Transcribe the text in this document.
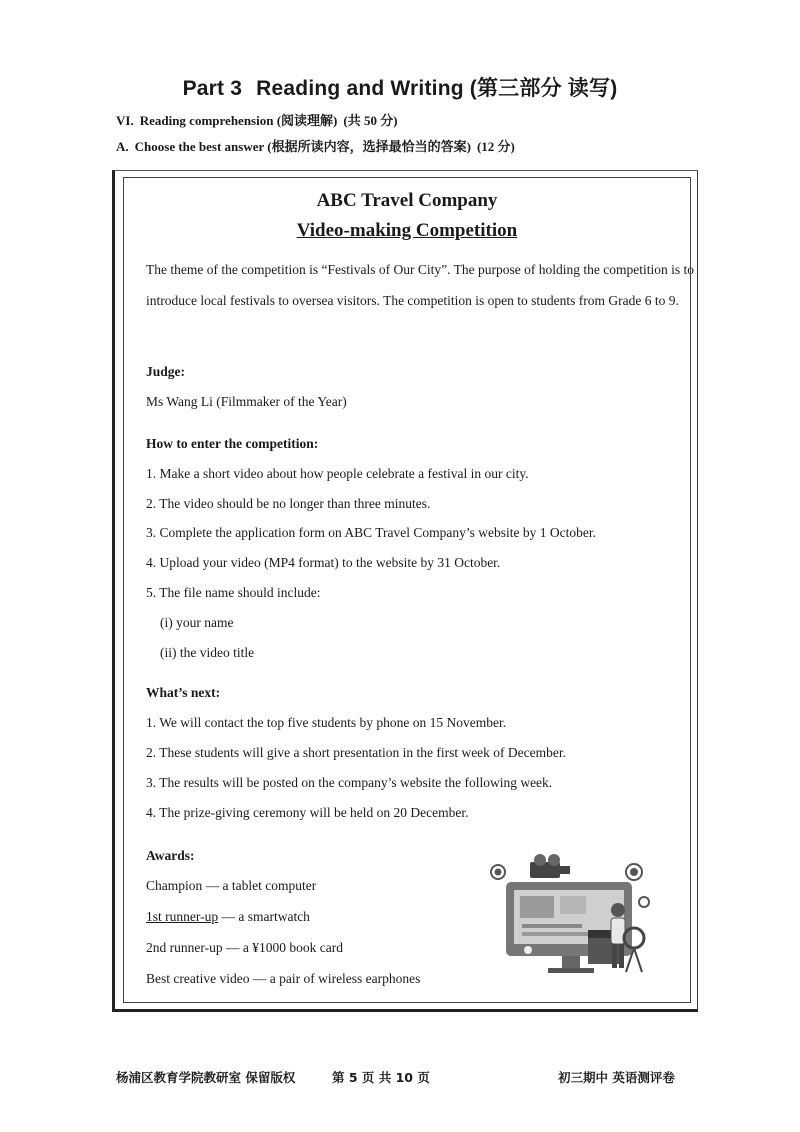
Part 3 Reading and Writing (第三部分 读写)
VI. Reading comprehension (阅读理解) (共 50 分)
A. Choose the best answer (根据所读内容，选择最恰当的答案) (12 分)
ABC Travel Company
Video-making Competition
The theme of the competition is “Festivals of Our City”. The purpose of holding the competition is to introduce local festivals to oversea visitors. The competition is open to students from Grade 6 to 9.
Judge:
Ms Wang Li (Filmmaker of the Year)
How to enter the competition:
1. Make a short video about how people celebrate a festival in our city.
2. The video should be no longer than three minutes.
3. Complete the application form on ABC Travel Company’s website by 1 October.
4. Upload your video (MP4 format) to the website by 31 October.
5. The file name should include:
(i) your name
(ii) the video title
What’s next:
1. We will contact the top five students by phone on 15 November.
2. These students will give a short presentation in the first week of December.
3. The results will be posted on the company’s website the following week.
4. The prize-giving ceremony will be held on 20 December.
Awards:
Champion — a tablet computer
1st runner-up — a smartwatch
2nd runner-up — a ¥1000 book card
Best creative video — a pair of wireless earphones
杨浦区教育学院教研室 保留版权	第 5 页 共 10 页	初三期中 英语测评卷
